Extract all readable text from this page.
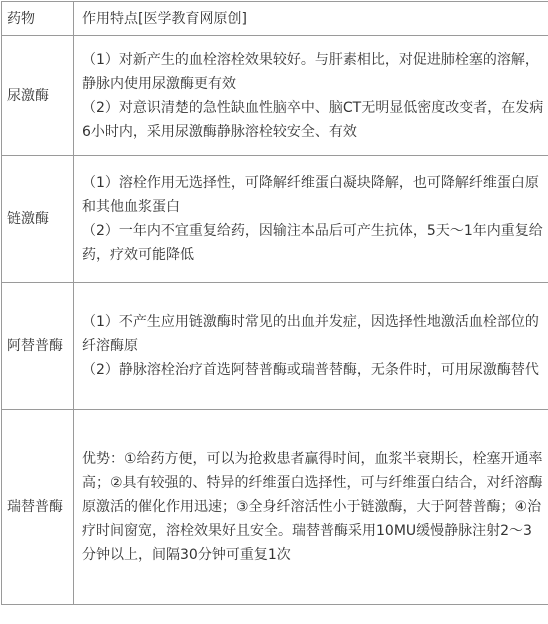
药物	作用特点[医学教育网原创]
尿激酶	（1）对新产生的血栓溶栓效果较好。与肝素相比，对促进肺栓塞的溶解，静脉内使用尿激酶更有效
（2）对意识清楚的急性缺血性脑卒中、脑CT无明显低密度改变者，在发病6小时内，采用尿激酶静脉溶栓较安全、有效

链激酶	（1）溶栓作用无选择性，可降解纤维蛋白凝块降解，也可降解纤维蛋白原和其他血浆蛋白
（2）一年内不宜重复给药，因输注本品后可产生抗体，5天～1年内重复给药，疗效可能降低

阿替普酶	（1）不产生应用链激酶时常见的出血并发症，因选择性地激活血栓部位的纤溶酶原
（2）静脉溶栓治疗首选阿替普酶或瑞普替酶，无条件时，可用尿激酶替代

瑞替普酶	优势：①给药方便，可以为抢救患者赢得时间，血浆半衰期长，栓塞开通率高；②具有较强的、特异的纤维蛋白选择性，可与纤维蛋白结合，对纤溶酶原激活的催化作用迅速；③全身纤溶活性小于链激酶，大于阿替普酶；④治疗时间窗宽，溶栓效果好且安全。瑞替普酶采用10MU缓慢静脉注射2～3分钟以上，间隔30分钟可重复1次
